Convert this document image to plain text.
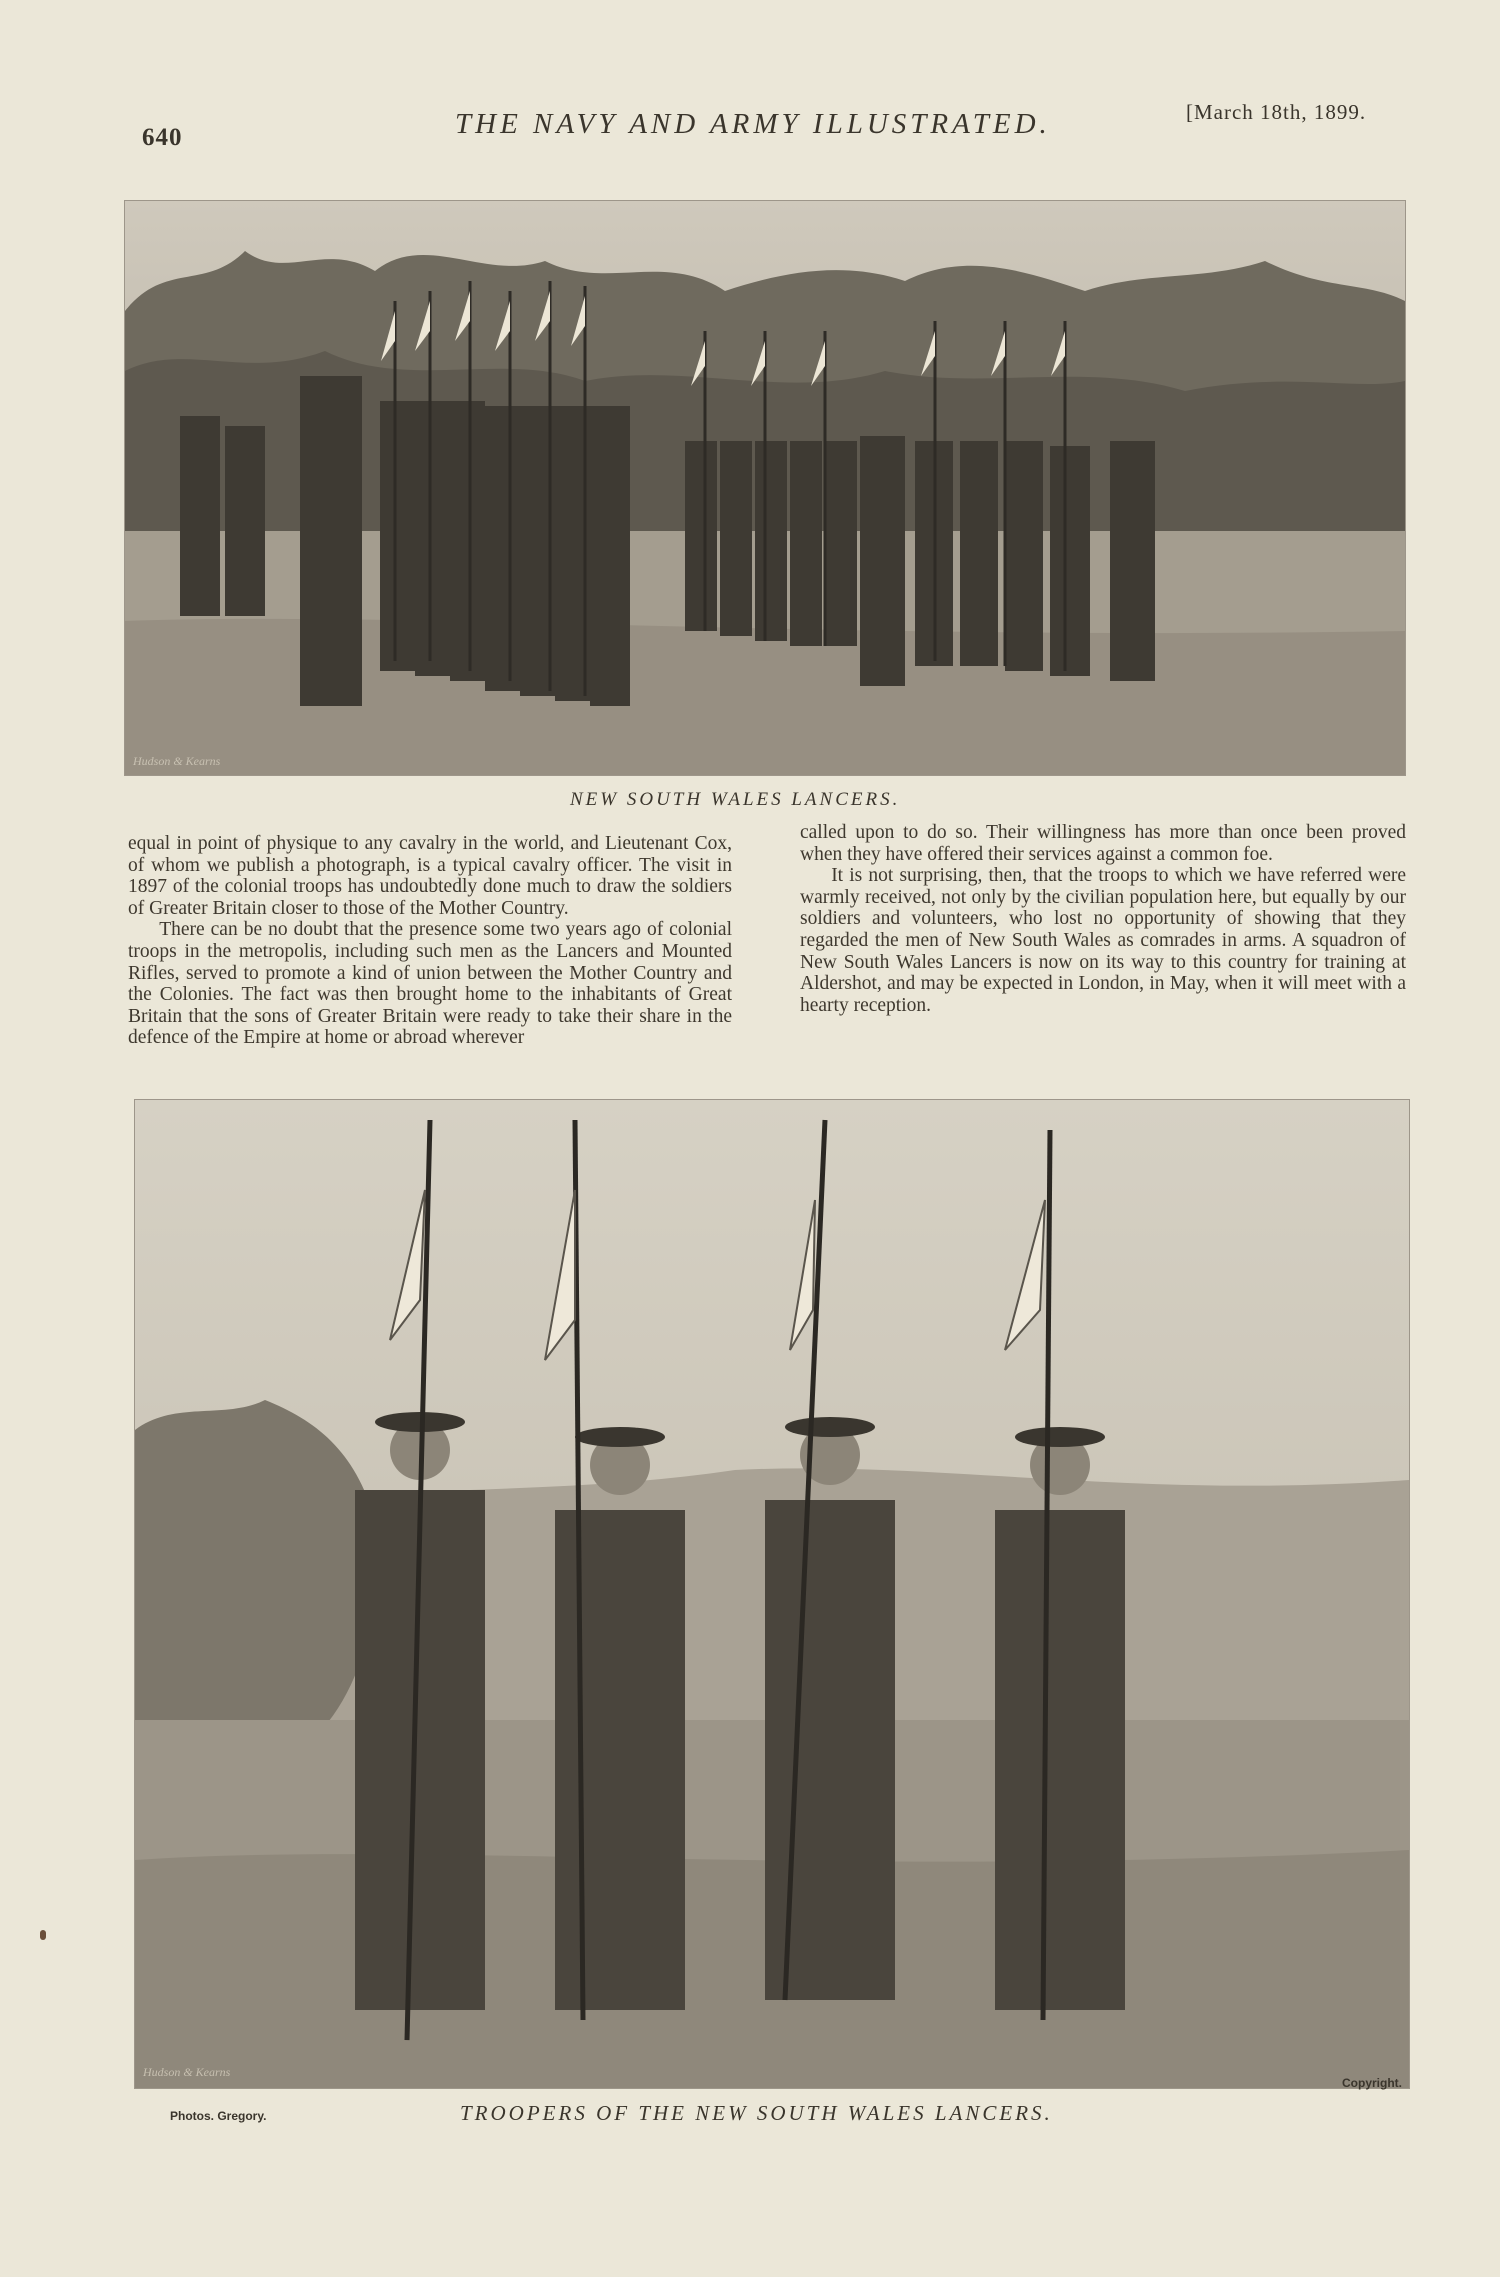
640	THE NAVY AND ARMY ILLUSTRATED.	[March 18th, 1899.
Hudson & Kearns
NEW SOUTH WALES LANCERS.

equal in point of physique to any cavalry in the world, and Lieutenant Cox, of whom we publish a photograph, is a typical cavalry officer. The visit in 1897 of the colonial troops has undoubtedly done much to draw the soldiers of Greater Britain closer to those of the Mother Country.

There can be no doubt that the presence some two years ago of colonial troops in the metropolis, including such men as the Lancers and Mounted Rifles, served to promote a kind of union between the Mother Country and the Colonies. The fact was then brought home to the inhabitants of Great Britain that the sons of Greater Britain were ready to take their share in the defence of the Empire at home or abroad wherever

called upon to do so. Their willingness has more than once been proved when they have offered their services against a common foe.

It is not surprising, then, that the troops to which we have referred were warmly received, not only by the civilian population here, but equally by our soldiers and volunteers, who lost no opportunity of showing that they regarded the men of New South Wales as comrades in arms. A squadron of New South Wales Lancers is now on its way to this country for training at Aldershot, and may be expected in London, in May, when it will meet with a hearty reception.

Hudson & Kearns
Copyright.
Photos. Gregory.	TROOPERS OF THE NEW SOUTH WALES LANCERS.
